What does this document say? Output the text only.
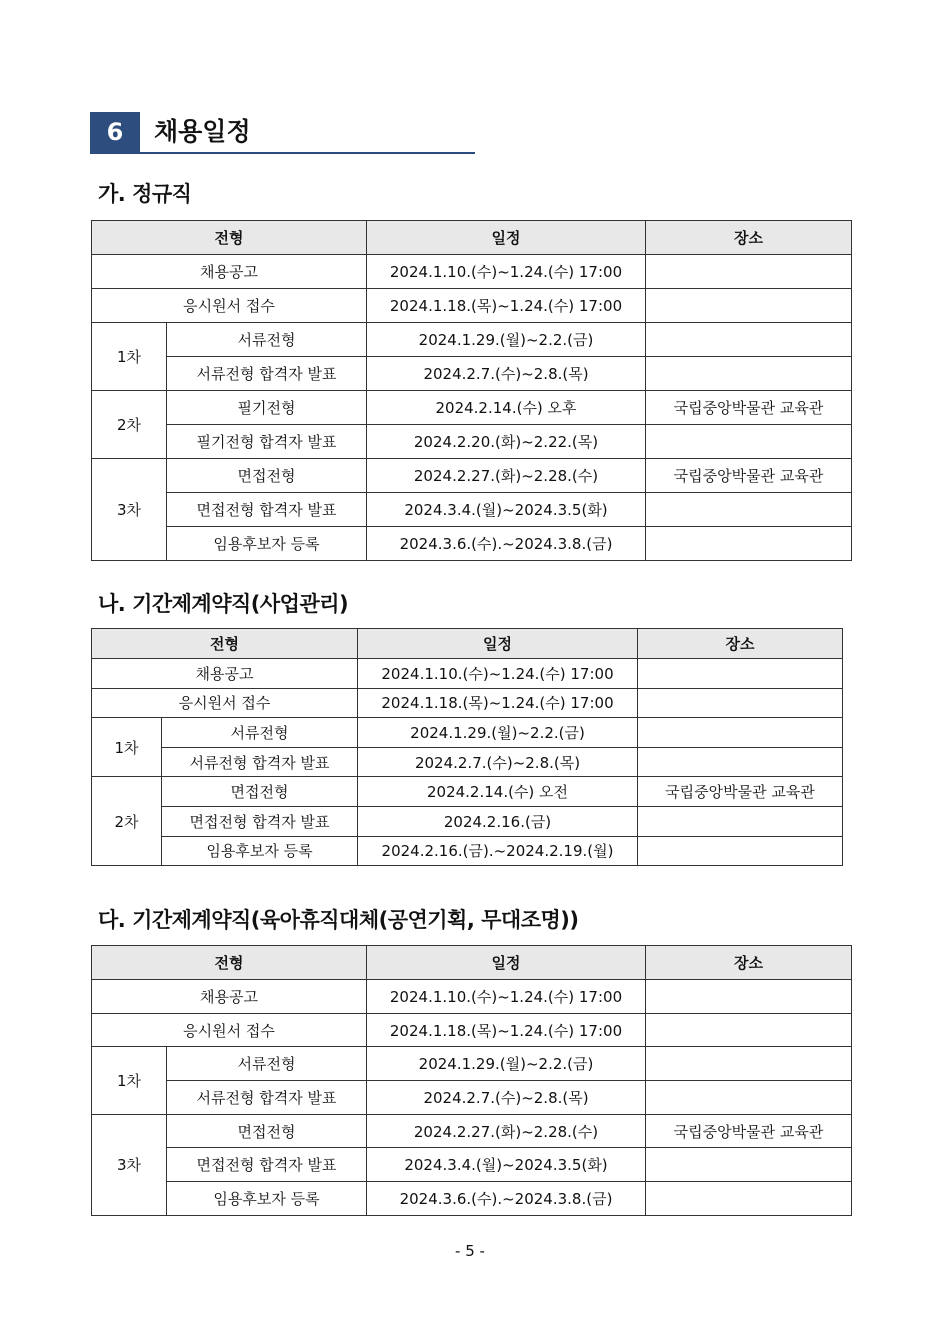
6	채용일정
가. 정규직
전형		일정	장소
채용공고		2024.1.10.(수)~1.24.(수) 17:00	
응시원서 접수		2024.1.18.(목)~1.24.(수) 17:00	
1차	서류전형	2024.1.29.(월)~2.2.(금)	
	서류전형 합격자 발표	2024.2.7.(수)~2.8.(목)	
2차	필기전형	2024.2.14.(수) 오후	국립중앙박물관 교육관
	필기전형 합격자 발표	2024.2.20.(화)~2.22.(목)	
3차	면접전형	2024.2.27.(화)~2.28.(수)	국립중앙박물관 교육관
	면접전형 합격자 발표	2024.3.4.(월)~2024.3.5(화)	
	임용후보자 등록	2024.3.6.(수).~2024.3.8.(금)	
나. 기간제계약직(사업관리)
전형		일정	장소
채용공고		2024.1.10.(수)~1.24.(수) 17:00	
응시원서 접수		2024.1.18.(목)~1.24.(수) 17:00	
1차	서류전형	2024.1.29.(월)~2.2.(금)	
	서류전형 합격자 발표	2024.2.7.(수)~2.8.(목)	
2차	면접전형	2024.2.14.(수) 오전	국립중앙박물관 교육관
	면접전형 합격자 발표	2024.2.16.(금)	
	임용후보자 등록	2024.2.16.(금).~2024.2.19.(월)	
다. 기간제계약직(육아휴직대체(공연기획, 무대조명))
전형		일정	장소
채용공고		2024.1.10.(수)~1.24.(수) 17:00	
응시원서 접수		2024.1.18.(목)~1.24.(수) 17:00	
1차	서류전형	2024.1.29.(월)~2.2.(금)	
	서류전형 합격자 발표	2024.2.7.(수)~2.8.(목)	
3차	면접전형	2024.2.27.(화)~2.28.(수)	국립중앙박물관 교육관
	면접전형 합격자 발표	2024.3.4.(월)~2024.3.5(화)	
	임용후보자 등록	2024.3.6.(수).~2024.3.8.(금)	
- 5 -
